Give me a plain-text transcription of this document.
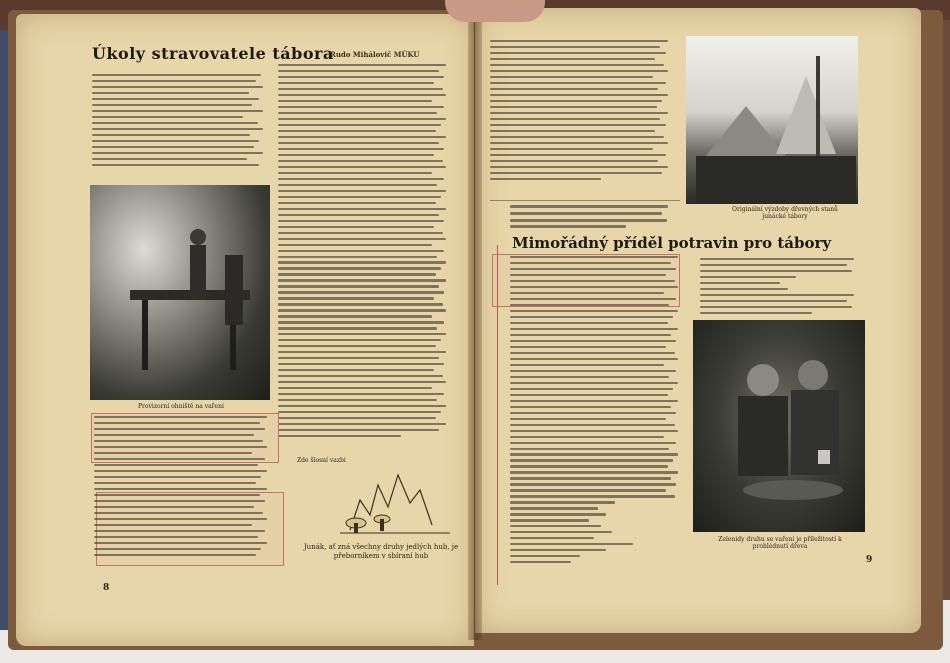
Úkoly stravovatele tábora
Rudo Mihálovič MÚKU
Provizorní ohniště na vaření
Zde šlosní vazbi
Junák, ať zná všechny druhy jedlých hub, je přeborníkem v sbíraní hub
8
Originální výzdoby dřevných stanů junácké tábory
Mimořádný příděl potravin pro tábory
Zelenidy druhu se vaření je příležitostí k prohlédnutí dřeva
9
